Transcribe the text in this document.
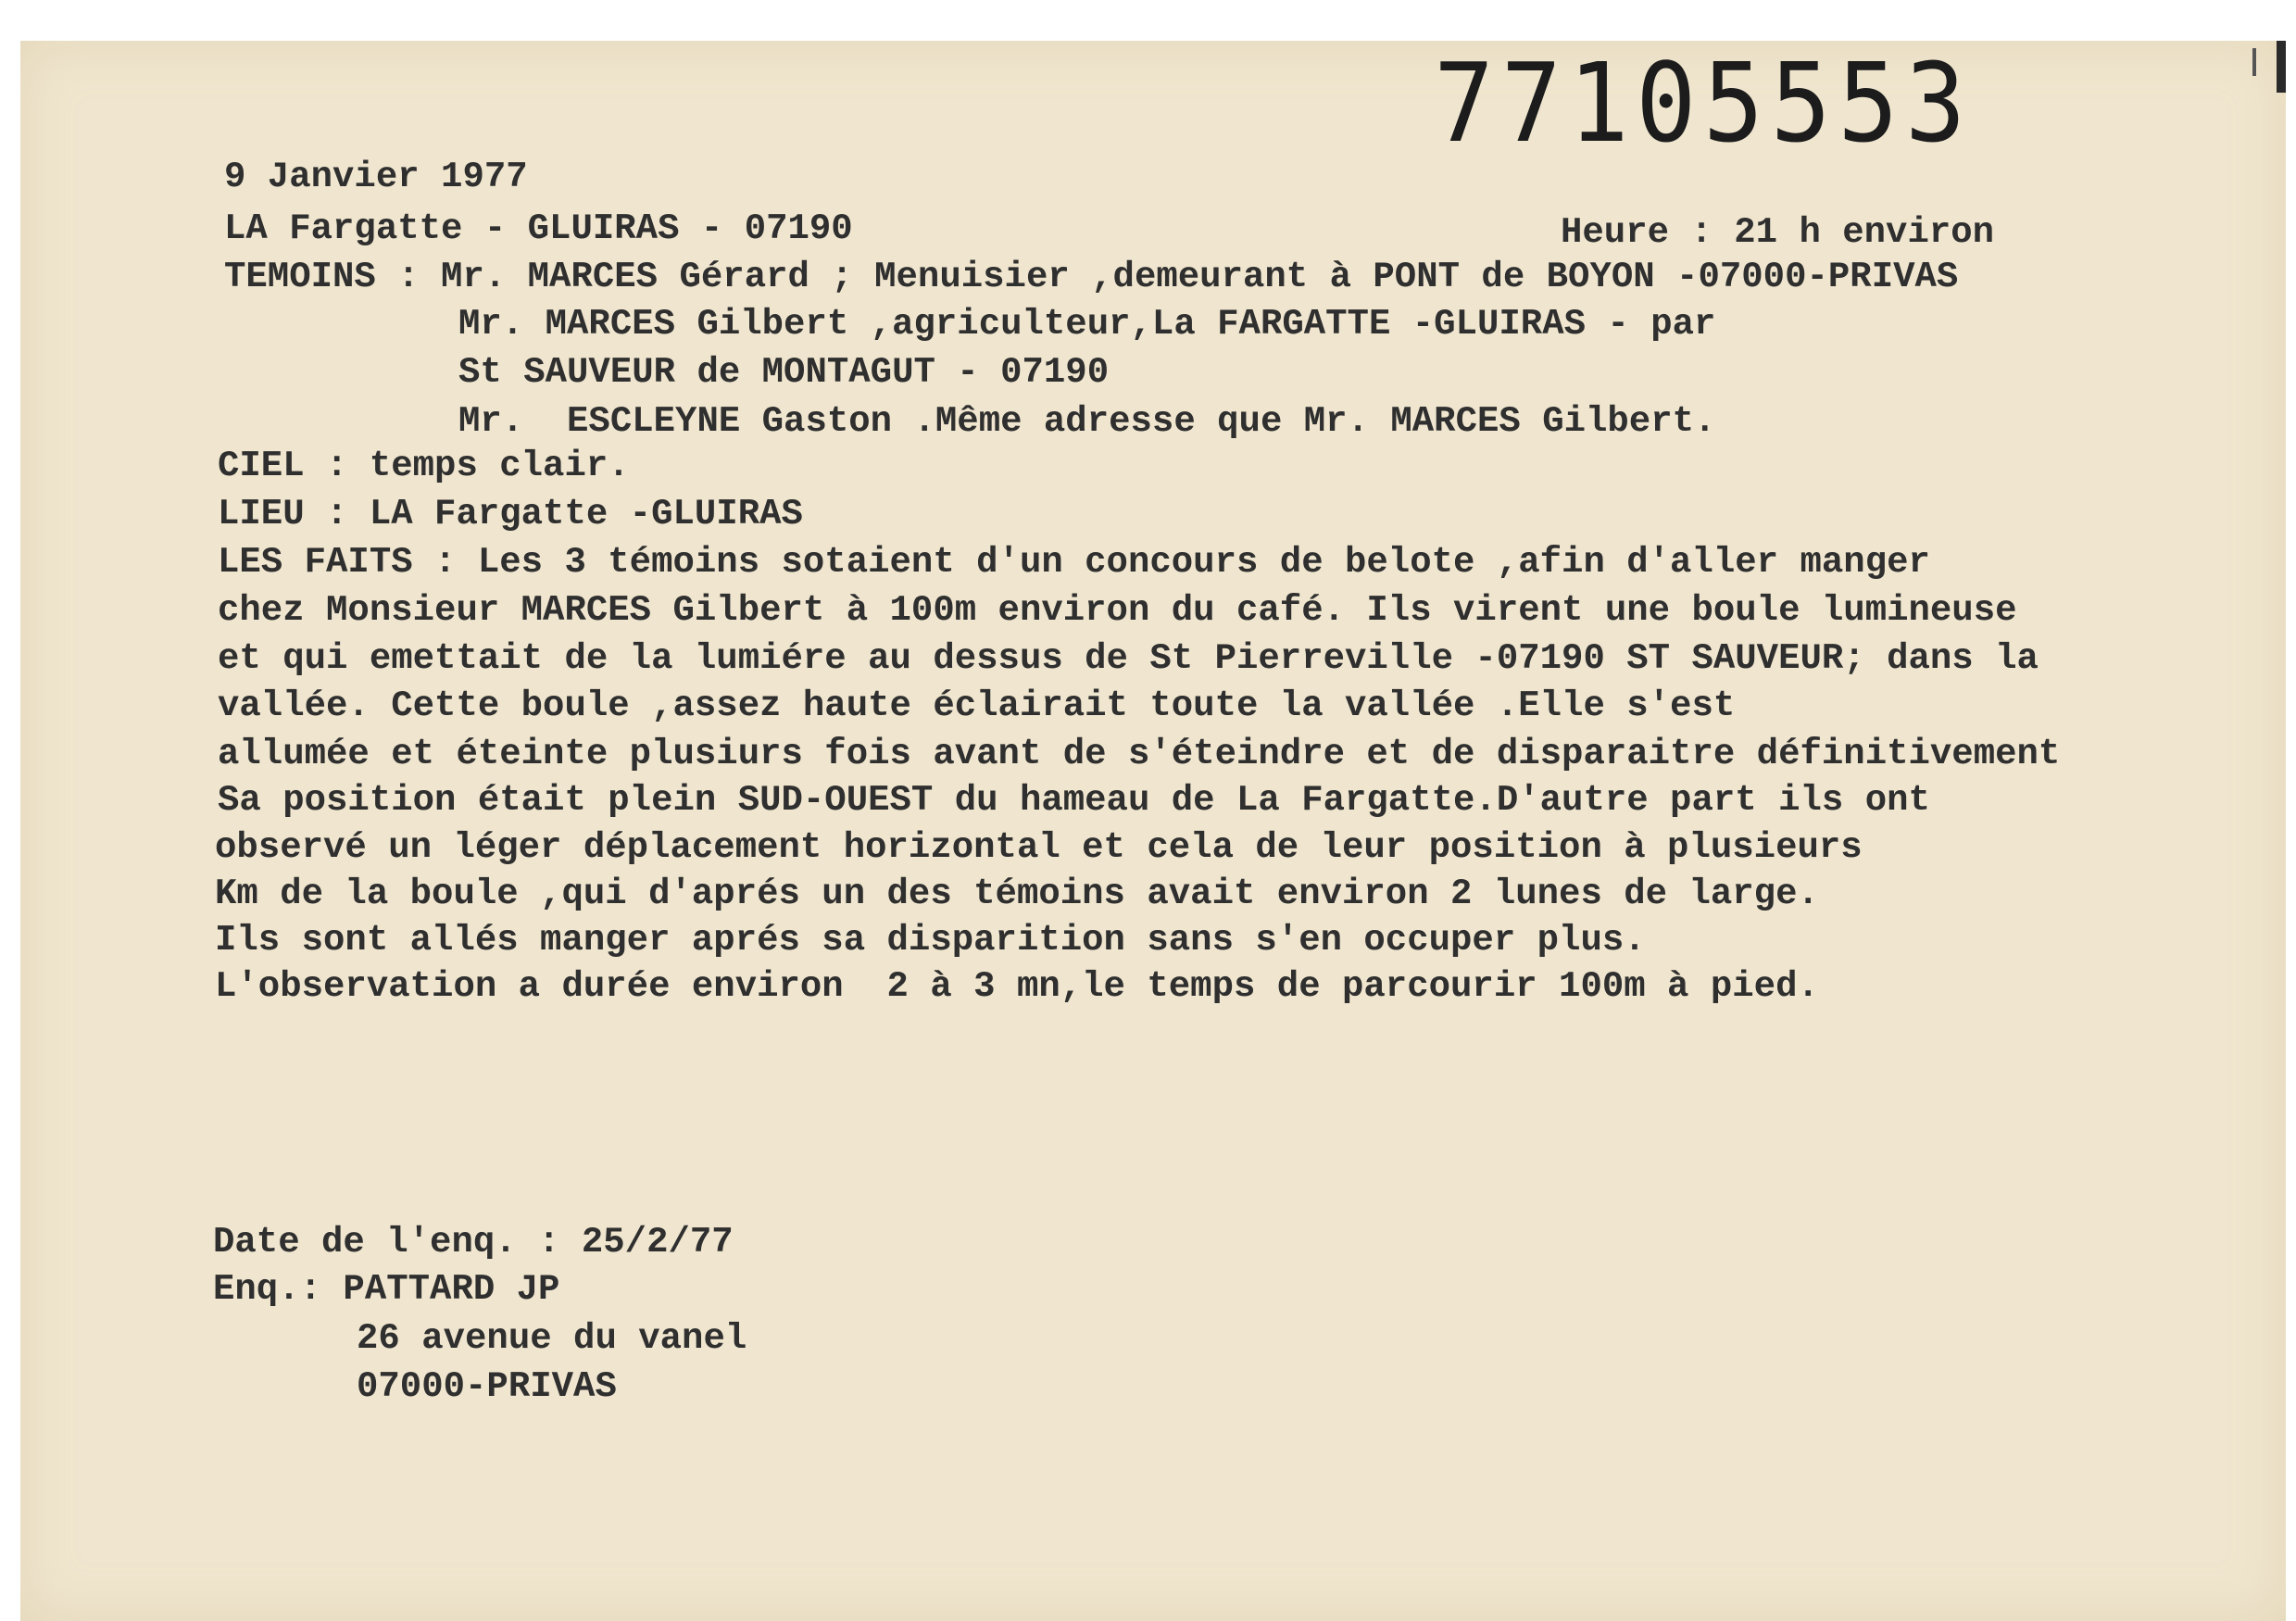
77105553
9 Janvier 1977
LA Fargatte - GLUIRAS - 07190	Heure : 21 h environ
TEMOINS : Mr. MARCES Gérard ; Menuisier ,demeurant à PONT de BOYON -07000-PRIVAS
Mr. MARCES Gilbert ,agriculteur,La FARGATTE -GLUIRAS - par
St SAUVEUR de MONTAGUT - 07190
Mr.  ESCLEYNE Gaston .Même adresse que Mr. MARCES Gilbert.
CIEL : temps clair.
LIEU : LA Fargatte -GLUIRAS
LES FAITS : Les 3 témoins sotaient d'un concours de belote ,afin d'aller manger
chez Monsieur MARCES Gilbert à 100m environ du café. Ils virent une boule lumineuse
et qui emettait de la lumiére au dessus de St Pierreville -07190 ST SAUVEUR; dans la
vallée. Cette boule ,assez haute éclairait toute la vallée .Elle s'est
allumée et éteinte plusiurs fois avant de s'éteindre et de disparaitre définitivement
Sa position était plein SUD-OUEST du hameau de La Fargatte.D'autre part ils ont
observé un léger déplacement horizontal et cela de leur position à plusieurs
Km de la boule ,qui d'aprés un des témoins avait environ 2 lunes de large.
Ils sont allés manger aprés sa disparition sans s'en occuper plus.
L'observation a durée environ  2 à 3 mn,le temps de parcourir 100m à pied.
Date de l'enq. : 25/2/77
Enq.: PATTARD JP
26 avenue du vanel
07000-PRIVAS
